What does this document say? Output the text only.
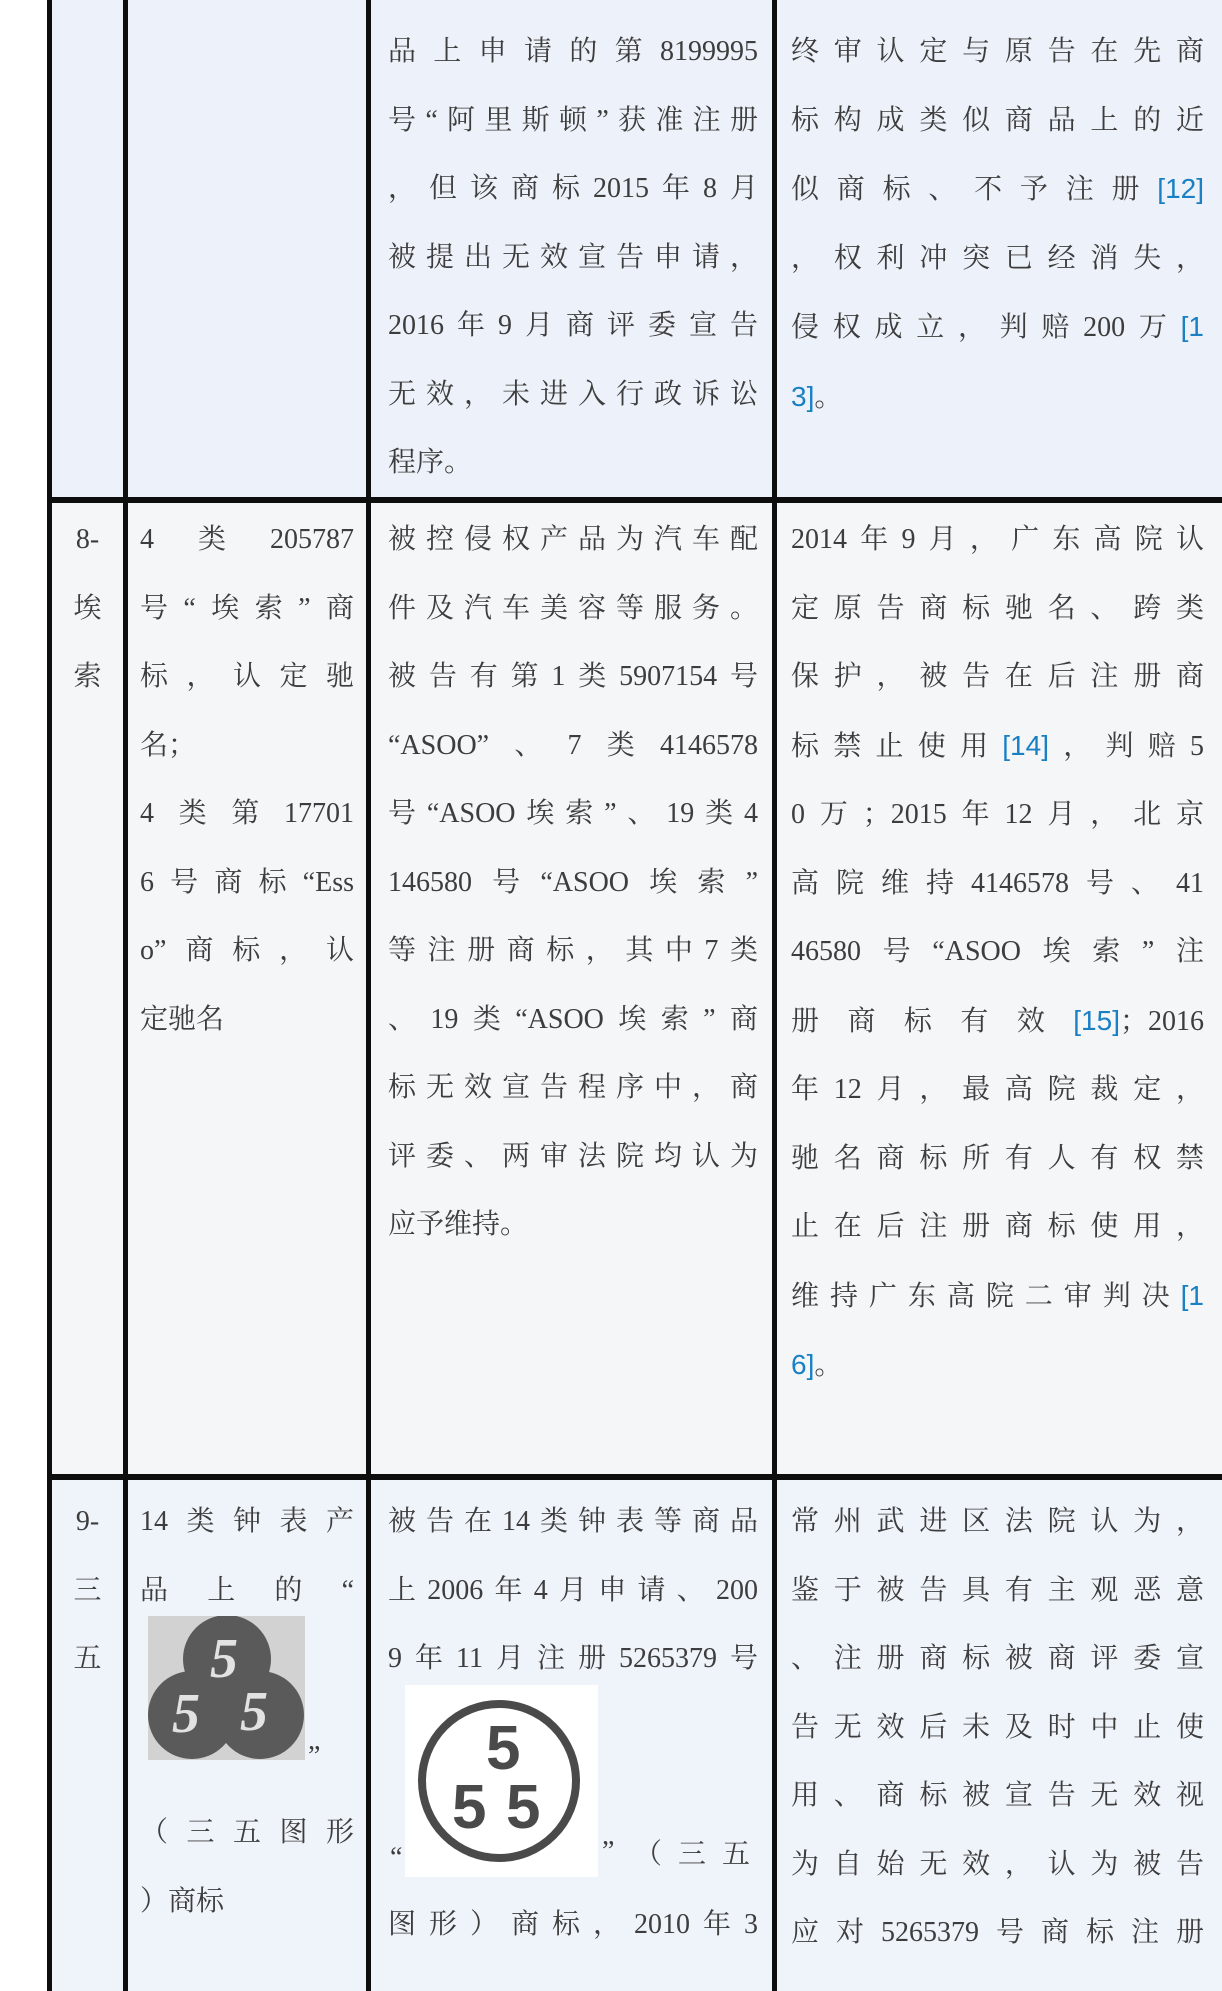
品上申请的第8199995
号“阿里斯顿”获准注册
，但该商标2015年8月
被提出无效宣告申请，
2016年9月商评委宣告
无效，未进入行政诉讼
程序。
终审认定与原告在先商
标构成类似商品上的近
似商标、不予注册[12]
，权利冲突已经消失，
侵权成立，判赔200万[1
3]。
8-
埃
索
4类205787
号“埃索”商
标，认定驰
名；
4类第17701
6号商标“Ess
o”商标，认
定驰名
被控侵权产品为汽车配
件及汽车美容等服务。
被告有第1类5907154号
“ASOO”、7类4146578
号“ASOO埃索”、19类4
146580号“ASOO埃索”
等注册商标，其中7类
、19类“ASOO埃索”商
标无效宣告程序中，商
评委、两审法院均认为
应予维持。
2014年9月，广东高院认
定原告商标驰名、跨类
保护，被告在后注册商
标禁止使用[14]，判赔5
0万；2015年12月，北京
高院维持4146578号、41
46580号“ASOO埃索”注
册商标有效[15]；2016
年12月，最高院裁定，
驰名商标所有人有权禁
止在后注册商标使用，
维持广东高院二审判决[1
6]。
9-
三
五
14类钟表产
品上的“
5
5 5
”
（三五图形
）商标
被告在14类钟表等商品
上2006年4月申请、200
9年11月注册5265379号
“
5
5 5
” （三五
图形）商标，2010年3
常州武进区法院认为，
鉴于被告具有主观恶意
、注册商标被商评委宣
告无效后未及时中止使
用、商标被宣告无效视
为自始无效，认为被告
应对5265379号商标注册
